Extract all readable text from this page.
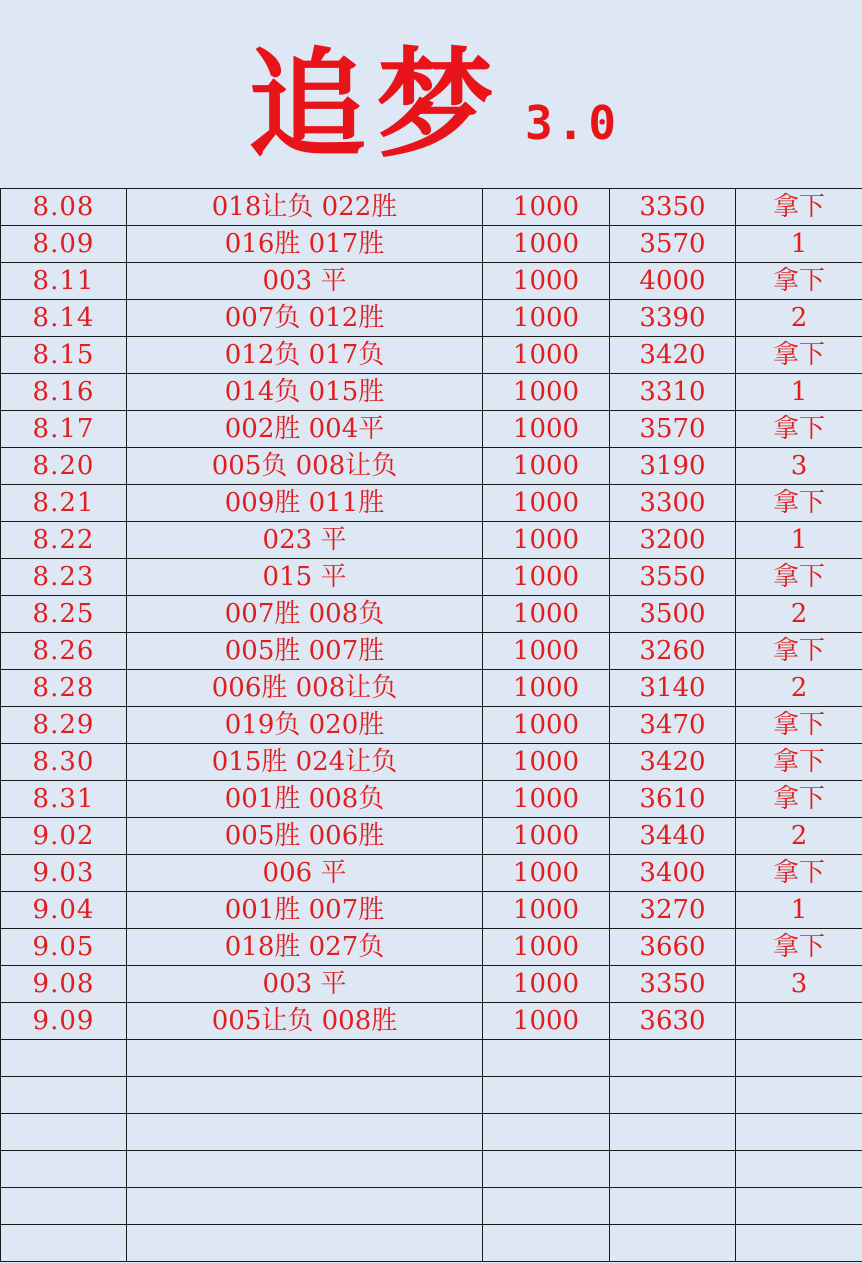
追梦 3.0
8.08	018让负 022胜	1000	3350	拿下
8.09	016胜 017胜	1000	3570	1
8.11	003 平	1000	4000	拿下
8.14	007负 012胜	1000	3390	2
8.15	012负 017负	1000	3420	拿下
8.16	014负 015胜	1000	3310	1
8.17	002胜 004平	1000	3570	拿下
8.20	005负 008让负	1000	3190	3
8.21	009胜 011胜	1000	3300	拿下
8.22	023 平	1000	3200	1
8.23	015 平	1000	3550	拿下
8.25	007胜 008负	1000	3500	2
8.26	005胜 007胜	1000	3260	拿下
8.28	006胜 008让负	1000	3140	2
8.29	019负 020胜	1000	3470	拿下
8.30	015胜 024让负	1000	3420	拿下
8.31	001胜 008负	1000	3610	拿下
9.02	005胜 006胜	1000	3440	2
9.03	006 平	1000	3400	拿下
9.04	001胜 007胜	1000	3270	1
9.05	018胜 027负	1000	3660	拿下
9.08	003 平	1000	3350	3
9.09	005让负 008胜	1000	3630	
